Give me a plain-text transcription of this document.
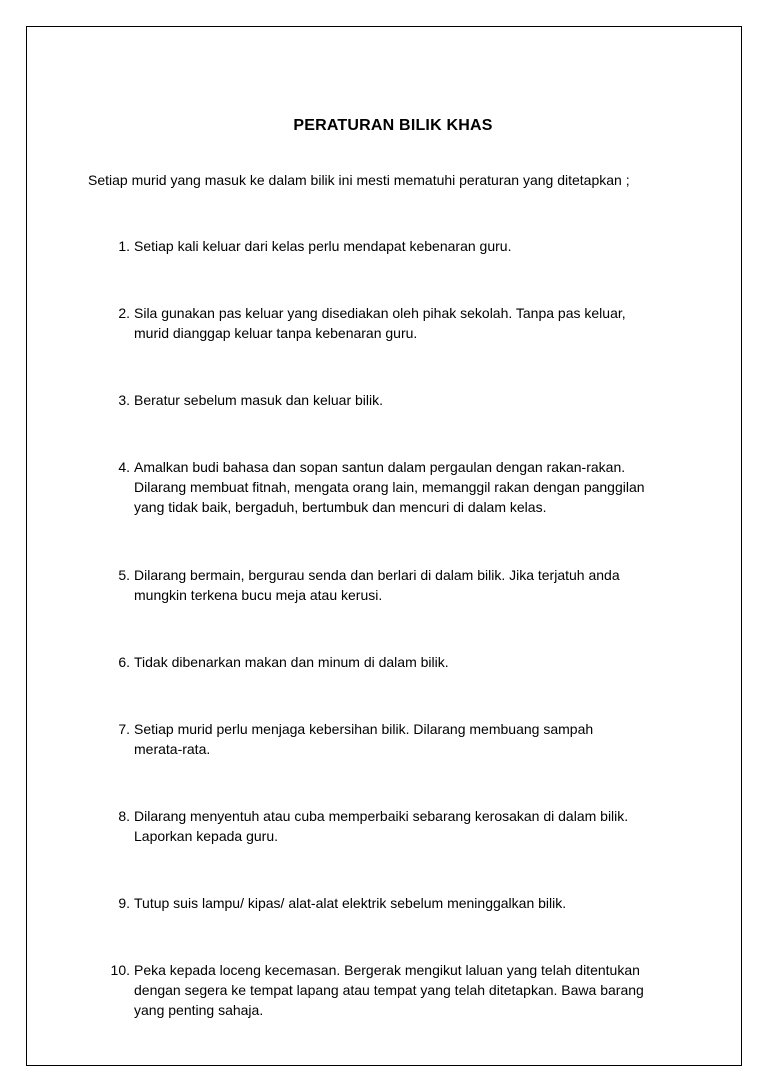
PERATURAN BILIK KHAS
Setiap murid yang masuk ke dalam bilik ini mesti mematuhi peraturan yang ditetapkan ;
1. Setiap kali keluar dari kelas perlu mendapat kebenaran guru.
2. Sila gunakan pas keluar yang disediakan oleh pihak sekolah. Tanpa pas keluar,
murid dianggap keluar tanpa kebenaran guru.
3. Beratur sebelum masuk dan keluar bilik.
4. Amalkan budi bahasa dan sopan santun dalam pergaulan dengan rakan-rakan.
Dilarang membuat fitnah, mengata orang lain, memanggil rakan dengan panggilan
yang tidak baik, bergaduh, bertumbuk dan mencuri di dalam kelas.
5. Dilarang bermain, bergurau senda dan berlari di dalam bilik. Jika terjatuh anda
mungkin terkena bucu meja atau kerusi.
6. Tidak dibenarkan makan dan minum di dalam bilik.
7. Setiap murid perlu menjaga kebersihan bilik. Dilarang membuang sampah
merata-rata.
8. Dilarang menyentuh atau cuba memperbaiki sebarang kerosakan di dalam bilik.
Laporkan kepada guru.
9. Tutup suis lampu/ kipas/ alat-alat elektrik sebelum meninggalkan bilik.
10. Peka kepada loceng kecemasan. Bergerak mengikut laluan yang telah ditentukan
dengan segera ke tempat lapang atau tempat yang telah ditetapkan. Bawa barang
yang penting sahaja.
